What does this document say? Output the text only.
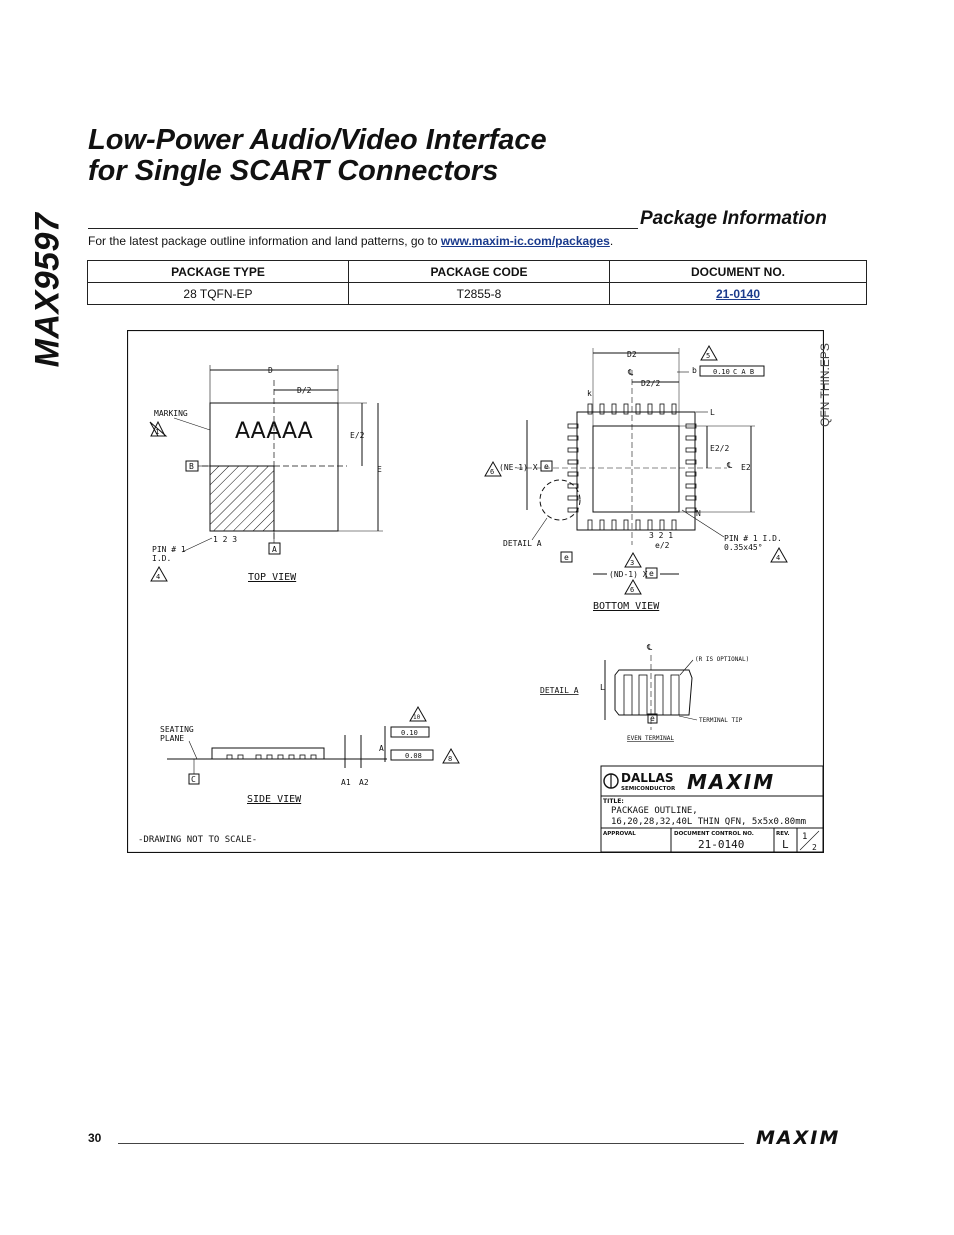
MAX9597
Low-Power Audio/Video Interface
for Single SCART Connectors
Package Information
For the latest package outline information and land patterns, go to www.maxim-ic.com/packages.
PACKAGE TYPE	PACKAGE CODE	DOCUMENT NO.
28 TQFN-EP	T2855-8	21-0140
D
D/2
E/2
E
MARKING
AAAAA
1
B
1 2 3
PIN # 1
I.D.
4
A
TOP VIEW
D2
℄
D2/2
k
5
b 0.10 C A B
L
E2
E2/2
℄
N
6 (NE-1) X e
DETAIL A
3 2 1
e/2
e
3
(ND-1) X e
6
PIN # 1 I.D.
0.35x45°
4
BOTTOM VIEW
DETAIL A	L
℄
(R IS OPTIONAL)
e	TERMINAL TIP
EVEN TERMINAL
SEATING
PLANE
C	A1 A2
A
0.10
0.08
10
8
SIDE VIEW
-DRAWING NOT TO SCALE-
DALLAS
SEMICONDUCTOR MAXIM
TITLE:
PACKAGE OUTLINE,
16,20,28,32,40L THIN QFN, 5x5x0.80mm
APPROVAL	DOCUMENT CONTROL NO.	REV.
21-0140	L
1
2
QFN THIN.EPS
30	MAXIM
